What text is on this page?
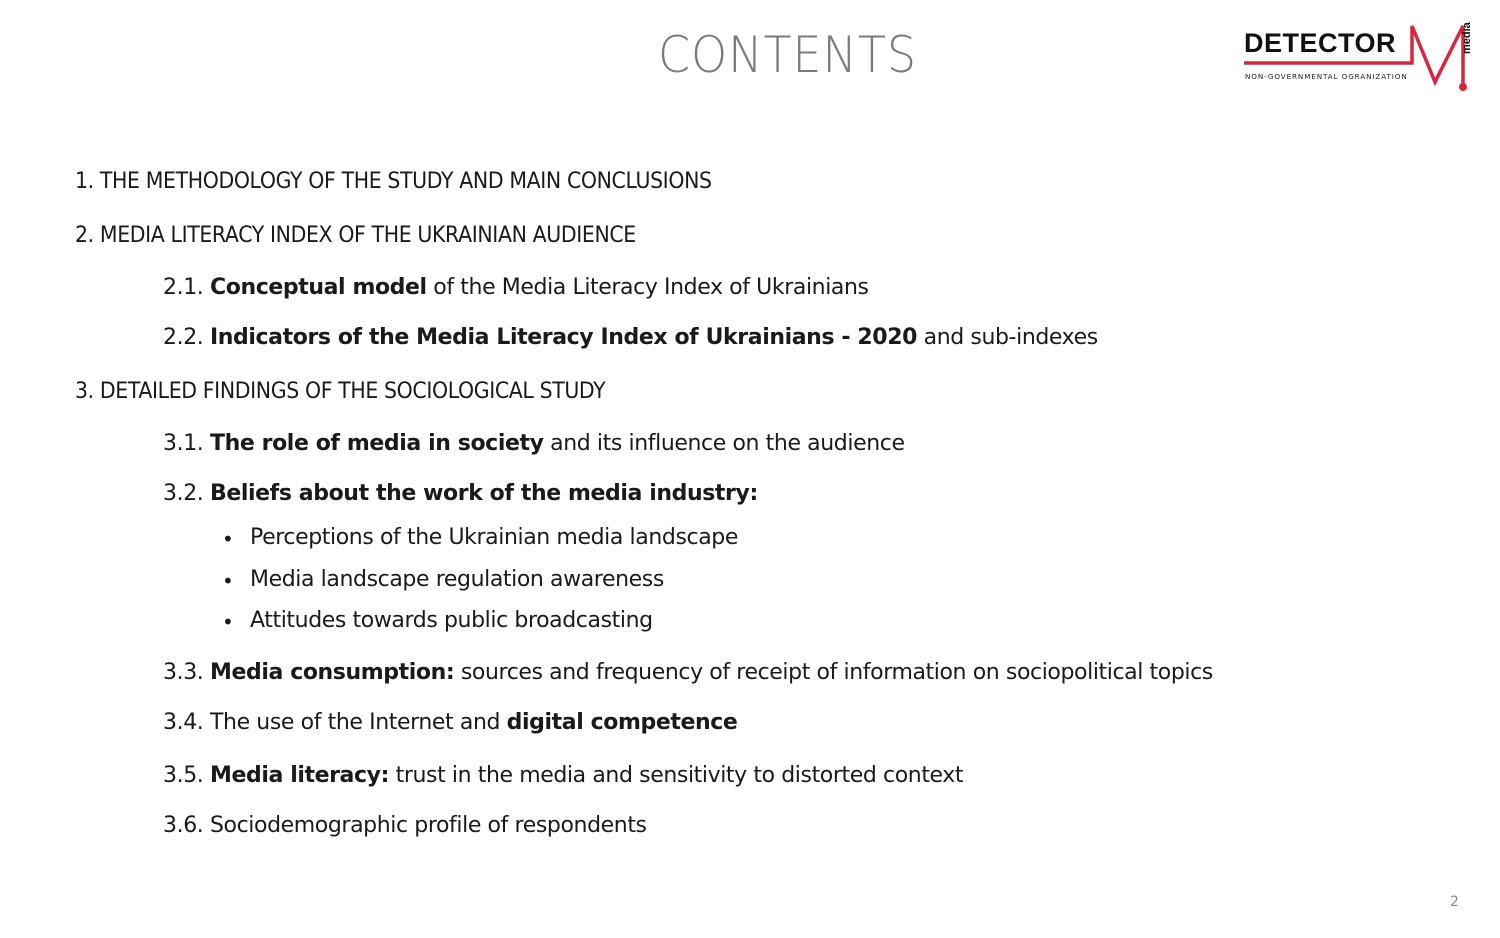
CONTENTS	DETECTOR	media
NON-GOVERNMENTAL OGRANIZATION
1. THE METHODOLOGY OF THE STUDY AND MAIN CONCLUSIONS
2. MEDIA LITERACY INDEX OF THE UKRAINIAN AUDIENCE
2.1. Conceptual model of the Media Literacy Index of Ukrainians
2.2. Indicators of the Media Literacy Index of Ukrainians - 2020 and sub-indexes
3. DETAILED FINDINGS OF THE SOCIOLOGICAL STUDY
3.1. The role of media in society and its influence on the audience
3.2. Beliefs about the work of the media industry:
• Perceptions of the Ukrainian media landscape
• Media landscape regulation awareness
• Attitudes towards public broadcasting
3.3. Media consumption: sources and frequency of receipt of information on sociopolitical topics
3.4. The use of the Internet and digital competence
3.5. Media literacy: trust in the media and sensitivity to distorted context
3.6. Sociodemographic profile of respondents
2
